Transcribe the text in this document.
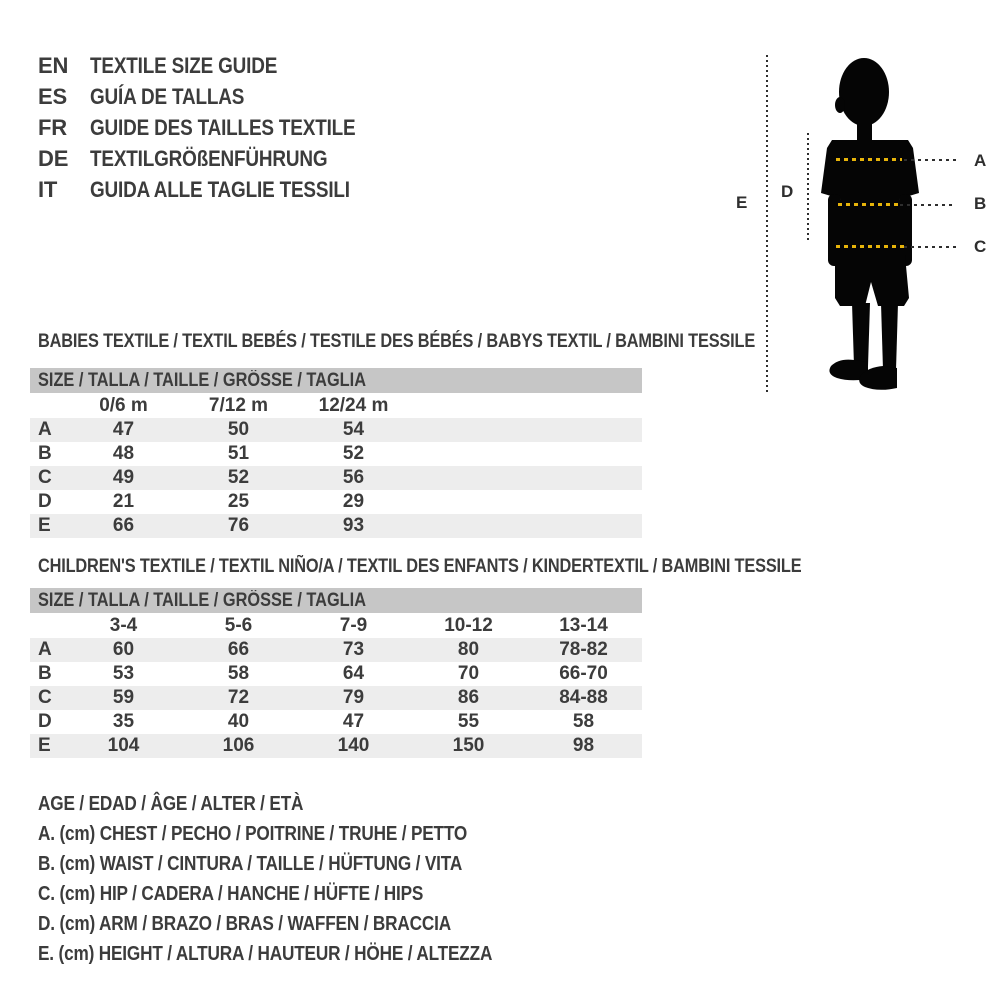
EN TEXTILE SIZE GUIDE
ES	GUÍA DE TALLAS
FR	GUIDE DES TAILLES TEXTILE
DE TEXTILGRÖßENFÜHRUNG
IT	GUIDA ALLE TAGLIE TESSILI
E
D
A
B
C
BABIES TEXTILE / TEXTIL BEBÉS / TESTILE DES BÉBÉS / BABYS TEXTIL / BAMBINI TESSILE
SIZE / TALLA / TAILLE / GRÖSSE / TAGLIA
0/6 m	7/12 m	12/24 m
A	47	50	54
B	48	51	52
C	49	52	56
D	21	25	29
E	66	76	93
CHILDREN'S TEXTILE / TEXTIL NIÑO/A / TEXTIL DES ENFANTS / KINDERTEXTIL / BAMBINI TESSILE
SIZE / TALLA / TAILLE / GRÖSSE / TAGLIA
3-4	5-6	7-9	10-12	13-14
A	60	66	73	80	78-82
B	53	58	64	70	66-70
C	59	72	79	86	84-88
D	35	40	47	55	58
E	104	106	140	150	98
AGE / EDAD / ÂGE / ALTER / ETÀ
A. (cm) CHEST / PECHO / POITRINE / TRUHE / PETTO
B. (cm) WAIST / CINTURA / TAILLE / HÜFTUNG / VITA
C. (cm) HIP / CADERA / HANCHE / HÜFTE / HIPS
D. (cm) ARM / BRAZO / BRAS / WAFFEN / BRACCIA
E. (cm) HEIGHT / ALTURA / HAUTEUR / HÖHE / ALTEZZA
